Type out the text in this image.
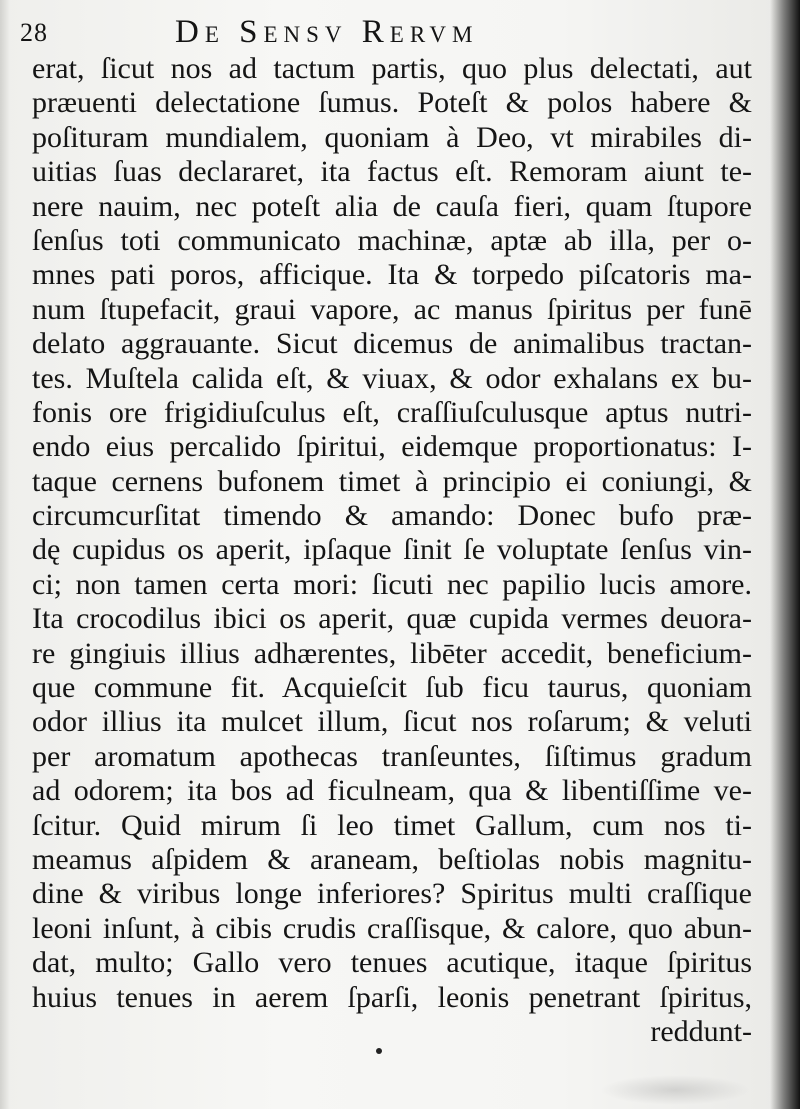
28	De Sensv Rervm
erat, ſicut nos ad tactum partis, quo plus delectati, aut
præuenti delectatione ſumus. Poteſt & polos habere &
poſituram mundialem, quoniam à Deo, vt mirabiles di-
uitias ſuas declararet, ita factus eſt. Remoram aiunt te-
nere nauim, nec poteſt alia de cauſa fieri, quam ſtupore
ſenſus toti communicato machinæ, aptæ ab illa, per o-
mnes pati poros, afficique. Ita & torpedo piſcatoris ma-
num ſtupefacit, graui vapore, ac manus ſpiritus per funē
delato aggrauante. Sicut dicemus de animalibus tractan-
tes. Muſtela calida eſt, & viuax, & odor exhalans ex bu-
fonis ore frigidiuſculus eſt, craſſiuſculusque aptus nutri-
endo eius percalido ſpiritui, eidemque proportionatus: I-
taque cernens bufonem timet à principio ei coniungi, &
circumcurſitat timendo & amando: Donec bufo præ-
dę cupidus os aperit, ipſaque ſinit ſe voluptate ſenſus vin-
ci; non tamen certa mori: ſicuti nec papilio lucis amore.
Ita crocodilus ibici os aperit, quæ cupida vermes deuora-
re gingiuis illius adhærentes, libēter accedit, beneficium-
que commune fit. Acquieſcit ſub ficu taurus, quoniam
odor illius ita mulcet illum, ſicut nos roſarum; & veluti
per aromatum apothecas tranſeuntes, ſiſtimus gradum
ad odorem; ita bos ad ficulneam, qua & libentiſſime ve-
ſcitur. Quid mirum ſi leo timet Gallum, cum nos ti-
meamus aſpidem & araneam, beſtiolas nobis magnitu-
dine & viribus longe inferiores? Spiritus multi craſſique
leoni inſunt, à cibis crudis craſſisque, & calore, quo abun-
dat, multo; Gallo vero tenues acutique, itaque ſpiritus
huius tenues in aerem ſparſi, leonis penetrant ſpiritus,
reddunt-
